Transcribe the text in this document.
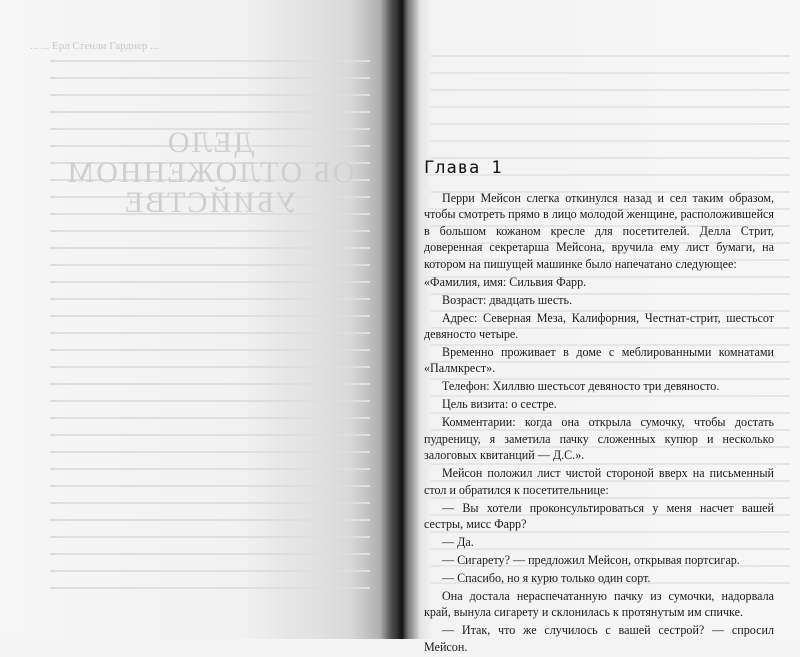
ДЕЛО
ОБ ОТЛОЖЕННОМ
УБИЙСТВЕ
... ... Ерл Стенли Гарднер ...
Глава 1

Перри Мейсон слегка откинулся назад и сел таким образом, чтобы смотреть прямо в лицо молодой женщине, расположившейся в большом кожаном кресле для посетителей. Делла Стрит, доверенная секретарша Мейсона, вручила ему лист бумаги, на котором на пишущей машинке было напечатано следующее:

«Фамилия, имя: Сильвия Фарр.

Возраст: двадцать шесть.

Адрес: Северная Меза, Калифорния, Честнат-стрит, шестьсот девяносто четыре.

Временно проживает в доме с меблированными комнатами «Палмкрест».

Телефон: Хиллвю шестьсот девяносто три девяносто.

Цель визита: о сестре.

Комментарии: когда она открыла сумочку, чтобы достать пудреницу, я заметила пачку сложенных купюр и несколько залоговых квитанций — Д.С.».

Мейсон положил лист чистой стороной вверх на письменный стол и обратился к посетительнице:

— Вы хотели проконсультироваться у меня насчет вашей сестры, мисс Фарр?

— Да.

— Сигарету? — предложил Мейсон, открывая портсигар.

— Спасибо, но я курю только один сорт.

Она достала нераспечатанную пачку из сумочки, надорвала край, вынула сигарету и склонилась к протянутым им спичке.

— Итак, что же случилось с вашей сестрой? — спросил Мейсон.
